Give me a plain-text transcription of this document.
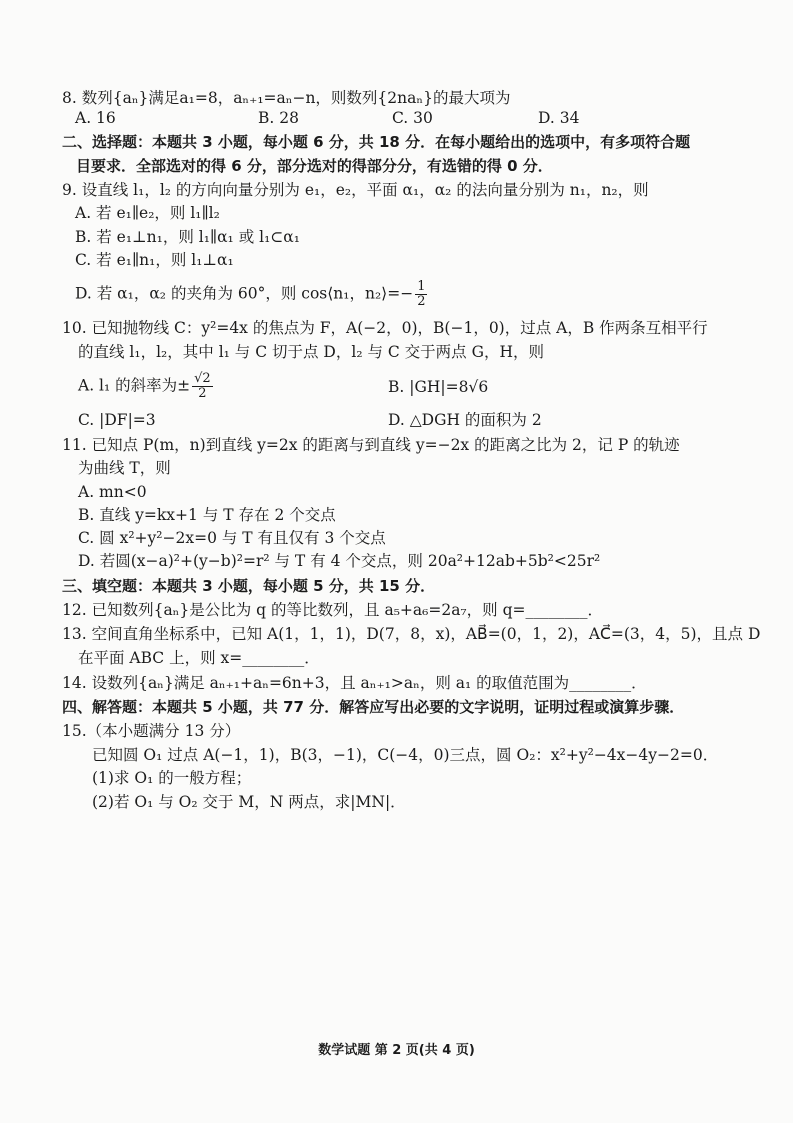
8. 数列{aₙ}满足a₁=8，aₙ₊₁=aₙ−n，则数列{2naₙ}的最大项为
A. 16	B. 28	C. 30	D. 34
二、选择题：本题共 3 小题，每小题 6 分，共 18 分．在每小题给出的选项中，有多项符合题
目要求．全部选对的得 6 分，部分选对的得部分分，有选错的得 0 分．
9. 设直线 l₁，l₂ 的方向向量分别为 e₁，e₂，平面 α₁，α₂ 的法向量分别为 n₁，n₂，则
A. 若 e₁∥e₂，则 l₁∥l₂
B. 若 e₁⊥n₁，则 l₁∥α₁ 或 l₁⊂α₁
C. 若 e₁∥n₁，则 l₁⊥α₁
D. 若 α₁，α₂ 的夹角为 60°，则 cos⟨n₁，n₂⟩=− $\frac{1}{2}$
10. 已知抛物线 C：y²=4x 的焦点为 F，A(−2，0)，B(−1，0)，过点 A，B 作两条互相平行
的直线 l₁，l₂，其中 l₁ 与 C 切于点 D，l₂ 与 C 交于两点 G，H，则
A. l₁ 的斜率为± $\frac{√2}{2}$	B. |GH|=8√6
C. |DF|=3	D. △DGH 的面积为 2
11. 已知点 P(m，n)到直线 y=2x 的距离与到直线 y=−2x 的距离之比为 2，记 P 的轨迹
为曲线 T，则
A. mn<0
B. 直线 y=kx+1 与 T 存在 2 个交点
C. 圆 x²+y²−2x=0 与 T 有且仅有 3 个交点
D. 若圆(x−a)²+(y−b)²=r² 与 T 有 4 个交点，则 20a²+12ab+5b²<25r²
三、填空题：本题共 3 小题，每小题 5 分，共 15 分．
12. 已知数列{aₙ}是公比为 q 的等比数列，且 a₅+a₆=2a₇，则 q=________．
13. 空间直角坐标系中，已知 A(1，1，1)，D(7，8，x)，AB⃗=(0，1，2)，AC⃗=(3，4，5)，且点 D
在平面 ABC 上，则 x=________．
14. 设数列{aₙ}满足 aₙ₊₁+aₙ=6n+3，且 aₙ₊₁>aₙ，则 a₁ 的取值范围为________．
四、解答题：本题共 5 小题，共 77 分．解答应写出必要的文字说明，证明过程或演算步骤．
15.（本小题满分 13 分）
已知圆 O₁ 过点 A(−1，1)，B(3，−1)，C(−4，0)三点，圆 O₂：x²+y²−4x−4y−2=0．
(1)求 O₁ 的一般方程；
(2)若 O₁ 与 O₂ 交于 M，N 两点，求|MN|．
数学试题 第 2 页(共 4 页)
